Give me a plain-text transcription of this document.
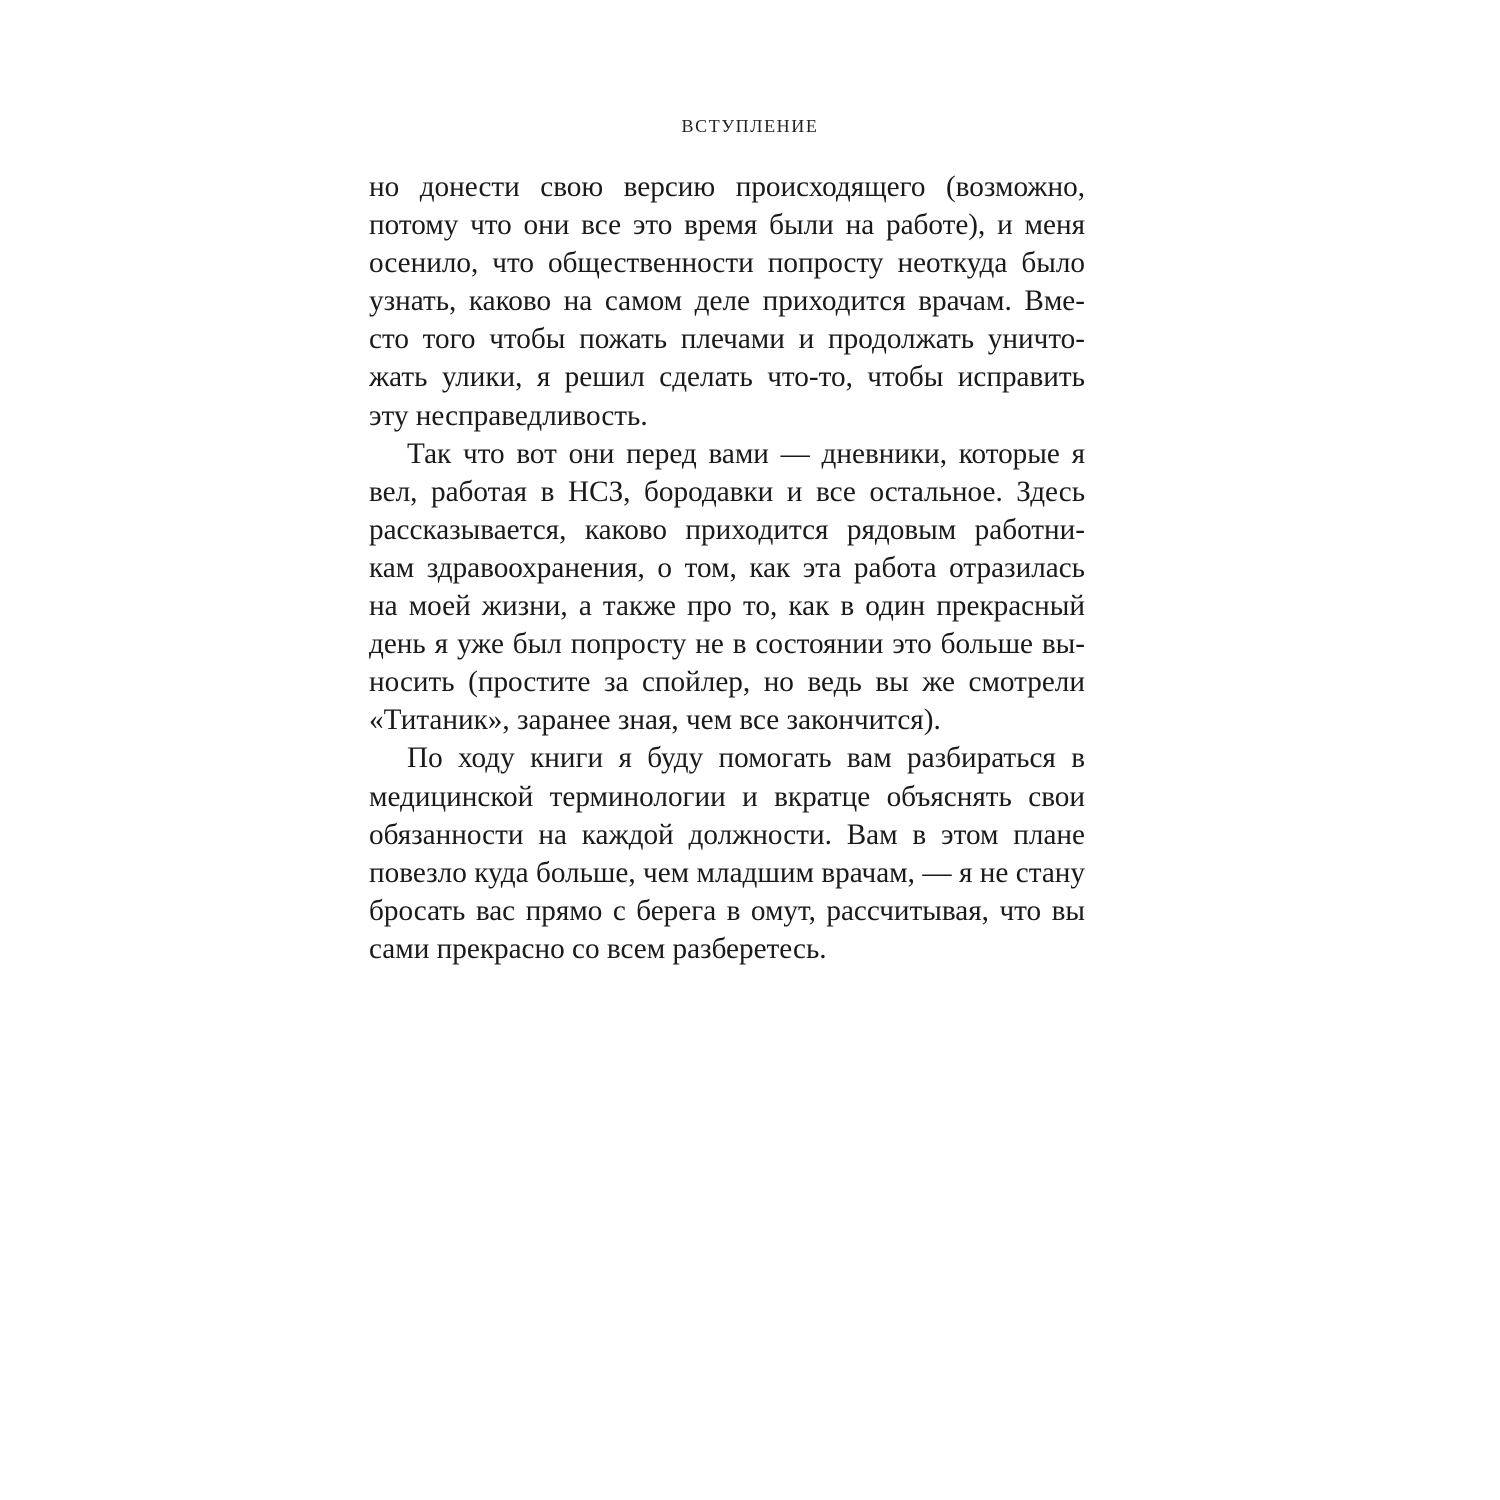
ВСТУПЛЕНИЕ
но донести свою версию происходящего (возможно,
потому что они все это время были на работе), и меня
осенило, что общественности попросту неоткуда было
узнать, каково на самом деле приходится врачам. Вме-
сто того чтобы пожать плечами и продолжать уничто-
жать улики, я решил сделать что-то, чтобы исправить
эту несправедливость.
Так что вот они перед вами — дневники, которые я
вел, работая в НСЗ, бородавки и все остальное. Здесь
рассказывается, каково приходится рядовым работни-
кам здравоохранения, о том, как эта работа отразилась
на моей жизни, а также про то, как в один прекрасный
день я уже был попросту не в состоянии это больше вы-
носить (простите за спойлер, но ведь вы же смотрели
«Титаник», заранее зная, чем все закончится).
По ходу книги я буду помогать вам разбираться в
медицинской терминологии и вкратце объяснять свои
обязанности на каждой должности. Вам в этом плане
повезло куда больше, чем младшим врачам, — я не стану
бросать вас прямо с берега в омут, рассчитывая, что вы
сами прекрасно со всем разберетесь.
